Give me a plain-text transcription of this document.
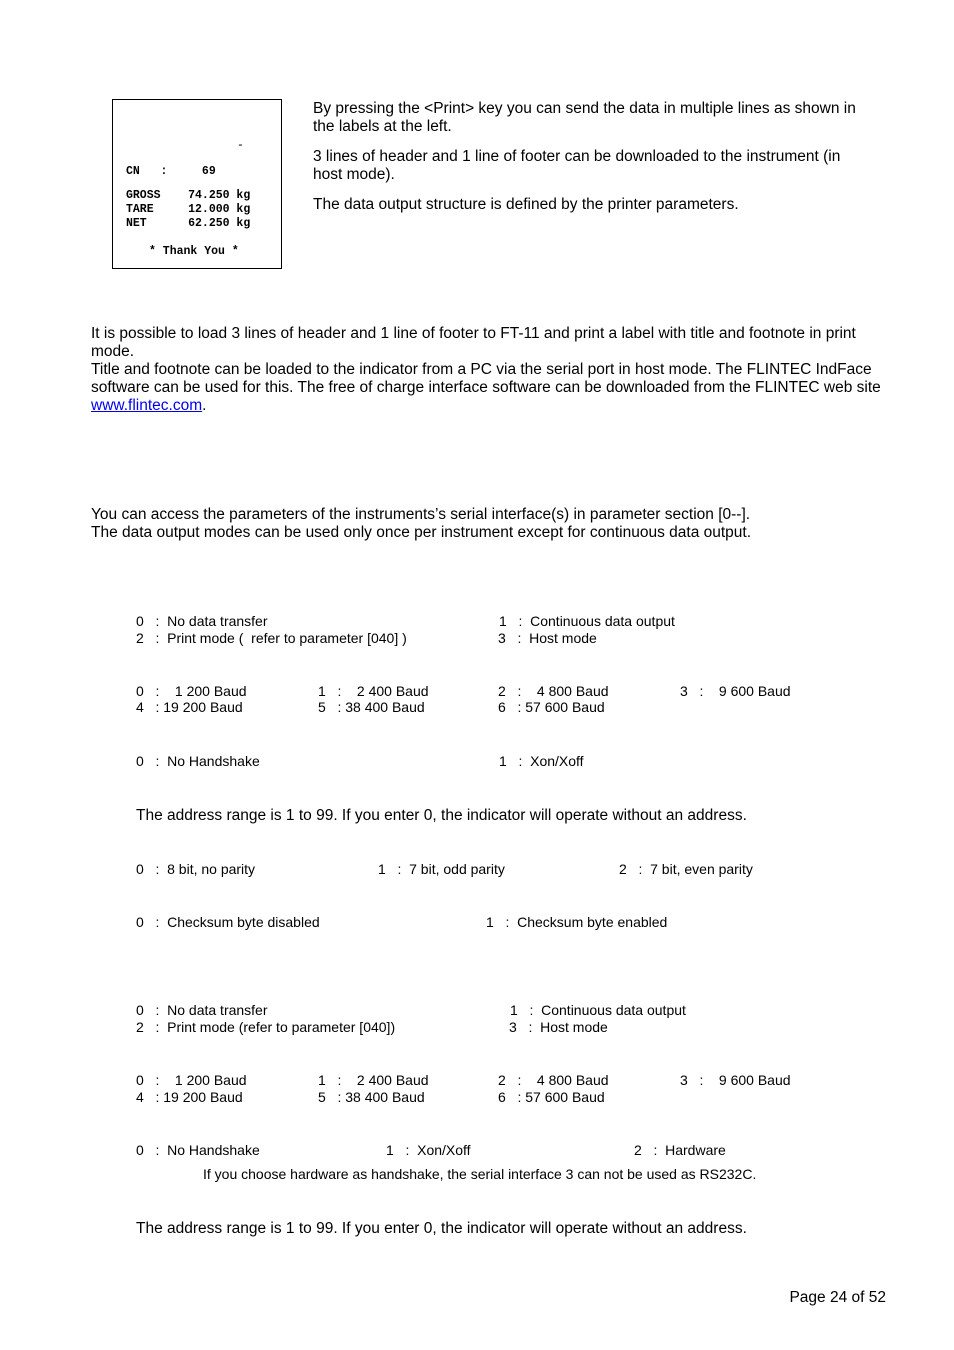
-
CN   :     69
GROSS    74.250 kg
TARE     12.000 kg
NET      62.250 kg
* Thank You *

By pressing the <Print> key you can send the data in multiple lines as shown in the labels at the left.

3 lines of header and 1 line of footer can be downloaded to the instrument (in host mode).

The data output structure is defined by the printer parameters.

It is possible to load 3 lines of header and 1 line of footer to FT-11 and print a label with title and footnote in print mode.

Title and footnote can be loaded to the indicator from a PC via the serial port in host mode. The FLINTEC IndFace software can be used for this. The free of charge interface software can be downloaded from the FLINTEC web site www.flintec.com.

You can access the parameters of the instruments’s serial interface(s) in parameter section [0--].

The data output modes can be used only once per instrument except for continuous data output.

0   :  No data transfer	1   :  Continuous data output
2   :  Print mode (  refer to parameter [040] )	3   :  Host mode
0   :    1 200 Baud	1   :    2 400 Baud	2   :    4 800 Baud	3   :    9 600 Baud
4   : 19 200 Baud	5   : 38 400 Baud	6   : 57 600 Baud
0   :  No Handshake	1   :  Xon/Xoff
The address range is 1 to 99. If you enter 0, the indicator will operate without an address.
0   :  8 bit, no parity	1   :  7 bit, odd parity	2   :  7 bit, even parity
0   :  Checksum byte disabled	1   :  Checksum byte enabled
0   :  No data transfer	1   :  Continuous data output
2   :  Print mode (refer to parameter [040])	3   :  Host mode
0   :    1 200 Baud	1   :    2 400 Baud	2   :    4 800 Baud	3   :    9 600 Baud
4   : 19 200 Baud	5   : 38 400 Baud	6   : 57 600 Baud
0   :  No Handshake	1   :  Xon/Xoff	2   :  Hardware
If you choose hardware as handshake, the serial interface 3 can not be used as RS232C.
The address range is 1 to 99. If you enter 0, the indicator will operate without an address.
Page 24 of 52
